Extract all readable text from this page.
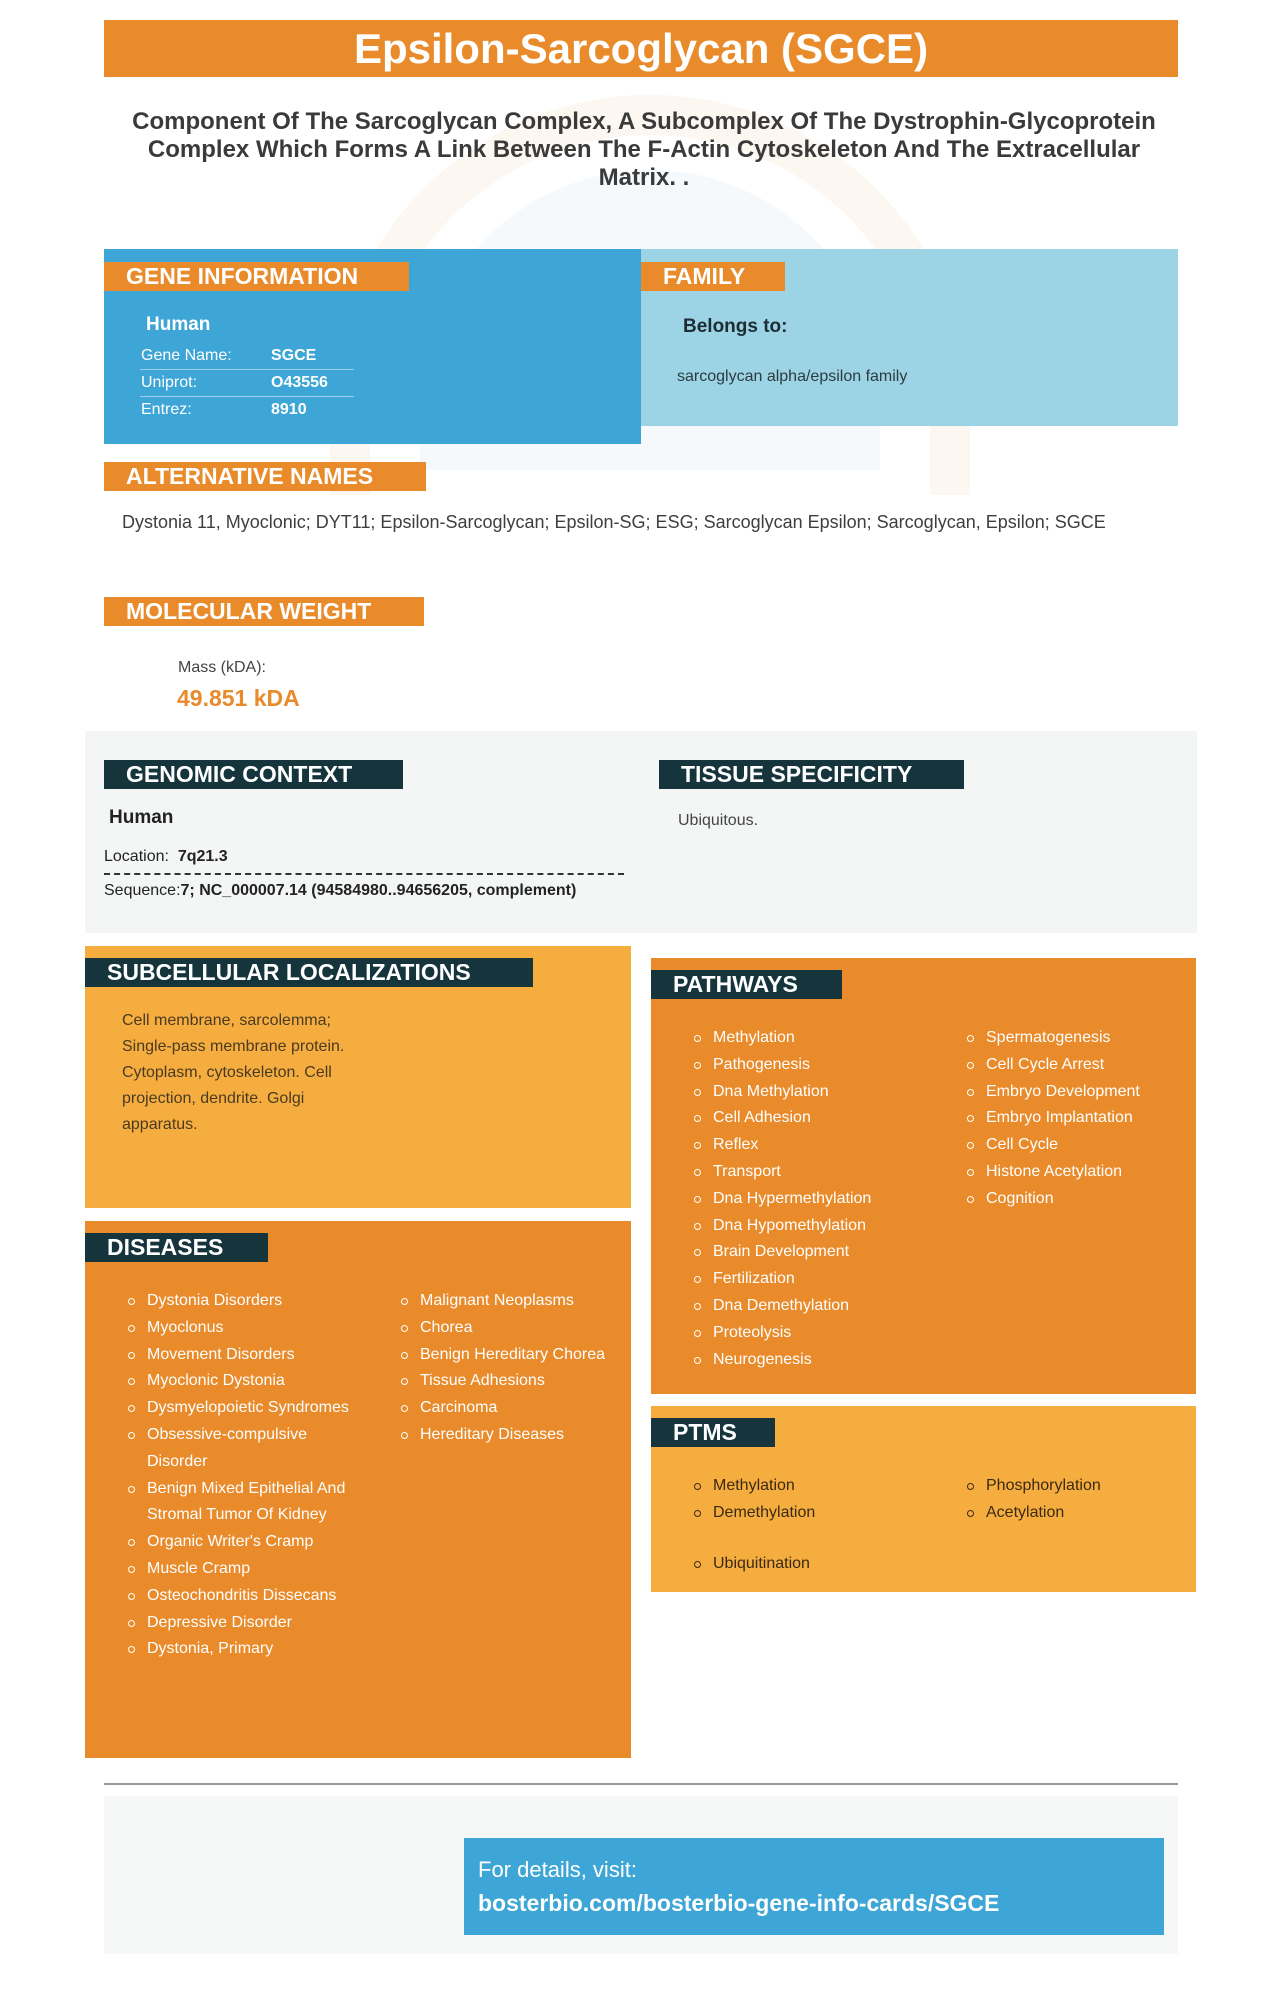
Epsilon-Sarcoglycan (SGCE)
Component Of The Sarcoglycan Complex, A Subcomplex Of The Dystrophin-Glycoprotein Complex Which Forms A Link Between The F-Actin Cytoskeleton And The Extracellular Matrix. .
GENE INFORMATION
Human
Gene Name: SGCE
Uniprot:	O43556
Entrez:	8910
FAMILY
Belongs to:
sarcoglycan alpha/epsilon family
ALTERNATIVE NAMES
Dystonia 11, Myoclonic; DYT11; Epsilon-Sarcoglycan; Epsilon-SG; ESG; Sarcoglycan Epsilon; Sarcoglycan, Epsilon; SGCE
MOLECULAR WEIGHT
Mass (kDA):
49.851 kDA
GENOMIC CONTEXT
Human
Location: 7q21.3
Sequence:7; NC_000007.14 (94584980..94656205, complement)
TISSUE SPECIFICITY
Ubiquitous.
SUBCELLULAR LOCALIZATIONS
Cell membrane, sarcolemma; Single-pass membrane protein. Cytoplasm, cytoskeleton. Cell projection, dendrite. Golgi apparatus.
DISEASES
Dystonia Disorders
Myoclonus
Movement Disorders
Myoclonic Dystonia
Dysmyelopoietic Syndromes
Obsessive-compulsive Disorder
Benign Mixed Epithelial And Stromal Tumor Of Kidney
Organic Writer's Cramp
Muscle Cramp
Osteochondritis Dissecans
Depressive Disorder
Dystonia, Primary
Malignant Neoplasms
Chorea
Benign Hereditary Chorea
Tissue Adhesions
Carcinoma
Hereditary Diseases
PATHWAYS
Methylation
Pathogenesis
Dna Methylation
Cell Adhesion
Reflex
Transport
Dna Hypermethylation
Dna Hypomethylation
Brain Development
Fertilization
Dna Demethylation
Proteolysis
Neurogenesis
Spermatogenesis
Cell Cycle Arrest
Embryo Development
Embryo Implantation
Cell Cycle
Histone Acetylation
Cognition
PTMS
Methylation
Demethylation
Phosphorylation
Acetylation
Ubiquitination
For details, visit:
bosterbio.com/bosterbio-gene-info-cards/SGCE
